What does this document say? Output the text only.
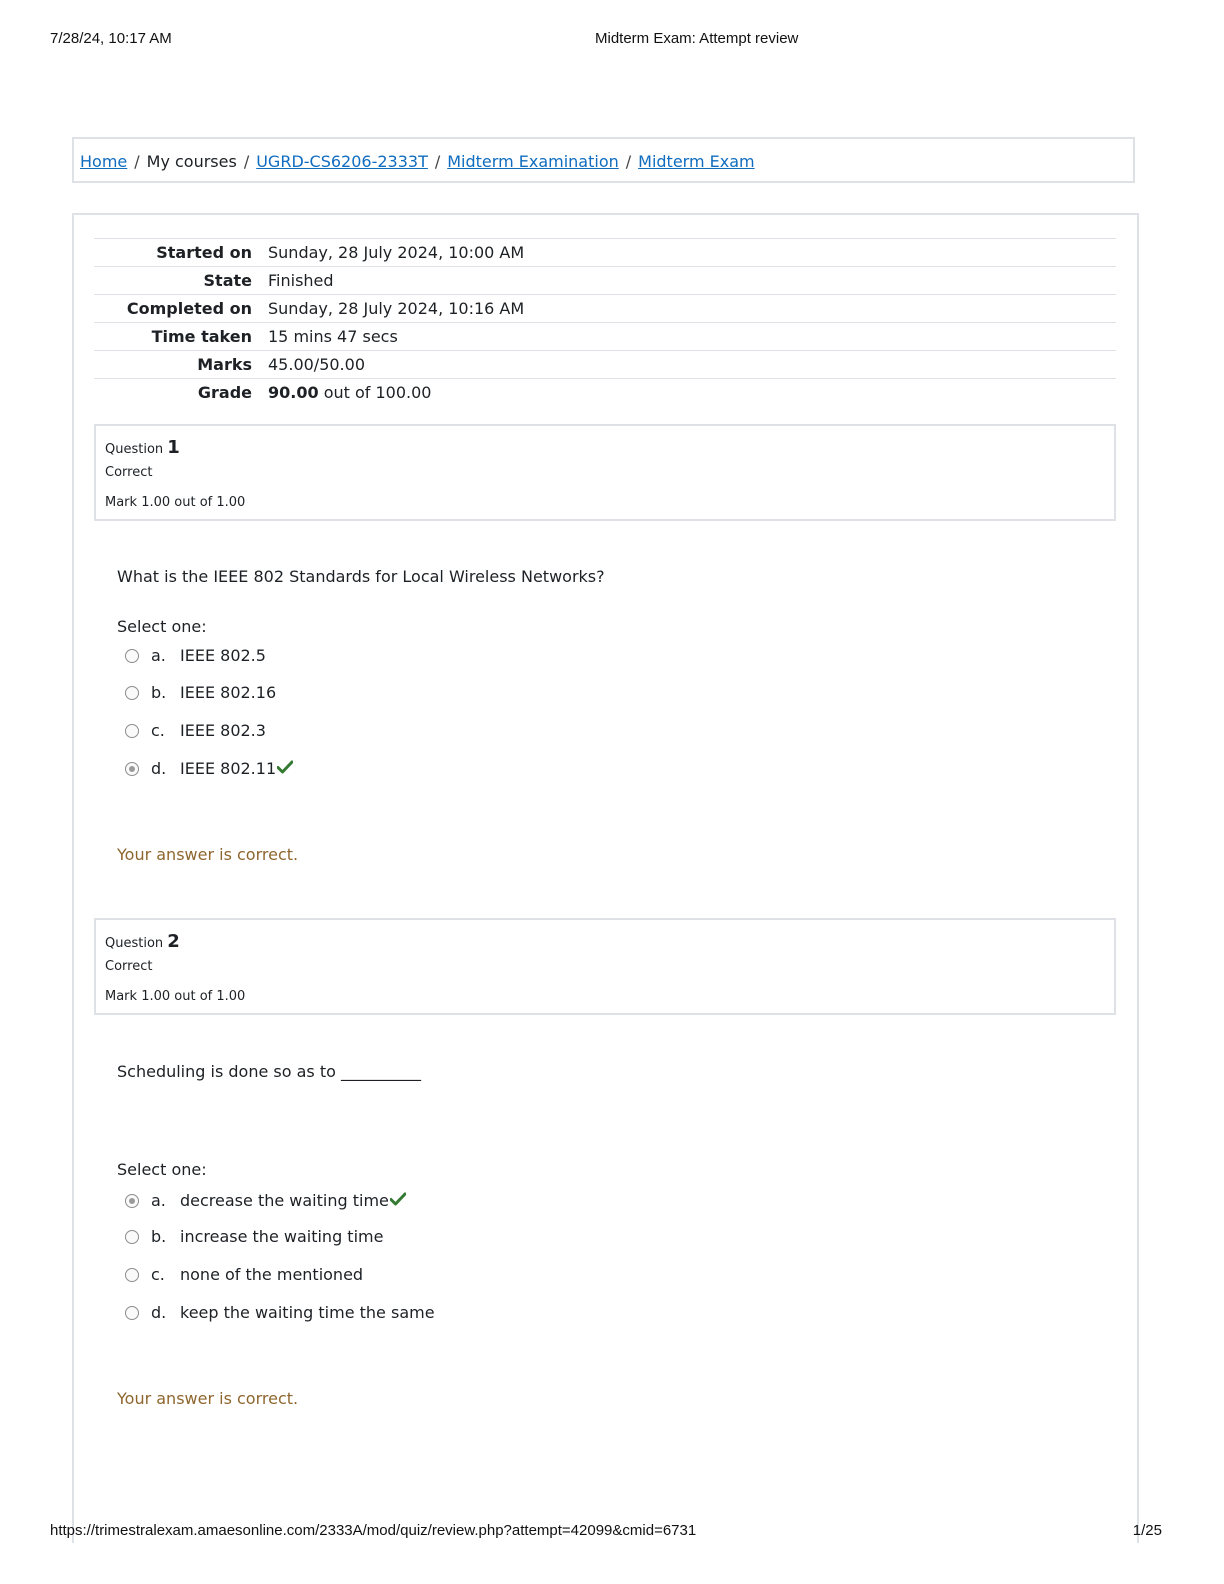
7/28/24, 10:17 AM	Midterm Exam: Attempt review
Home / My courses / UGRD-CS6206-2333T / Midterm Examination / Midterm Exam
Started on Sunday, 28 July 2024, 10:00 AM
State Finished
Completed on Sunday, 28 July 2024, 10:16 AM
Time taken 15 mins 47 secs
Marks 45.00/50.00
Grade 90.00 out of 100.00
Question 1
Correct
Mark 1.00 out of 1.00
What is the IEEE 802 Standards for Local Wireless Networks?
Select one:
a. IEEE 802.5
b. IEEE 802.16
c. IEEE 802.3
d. IEEE 802.11
Your answer is correct.
Question 2
Correct
Mark 1.00 out of 1.00
Scheduling is done so as to __________
Select one:
a. decrease the waiting time
b. increase the waiting time
c. none of the mentioned
d. keep the waiting time the same
Your answer is correct.
https://trimestralexam.amaesonline.com/2333A/mod/quiz/review.php?attempt=42099&cmid=6731	1/25
